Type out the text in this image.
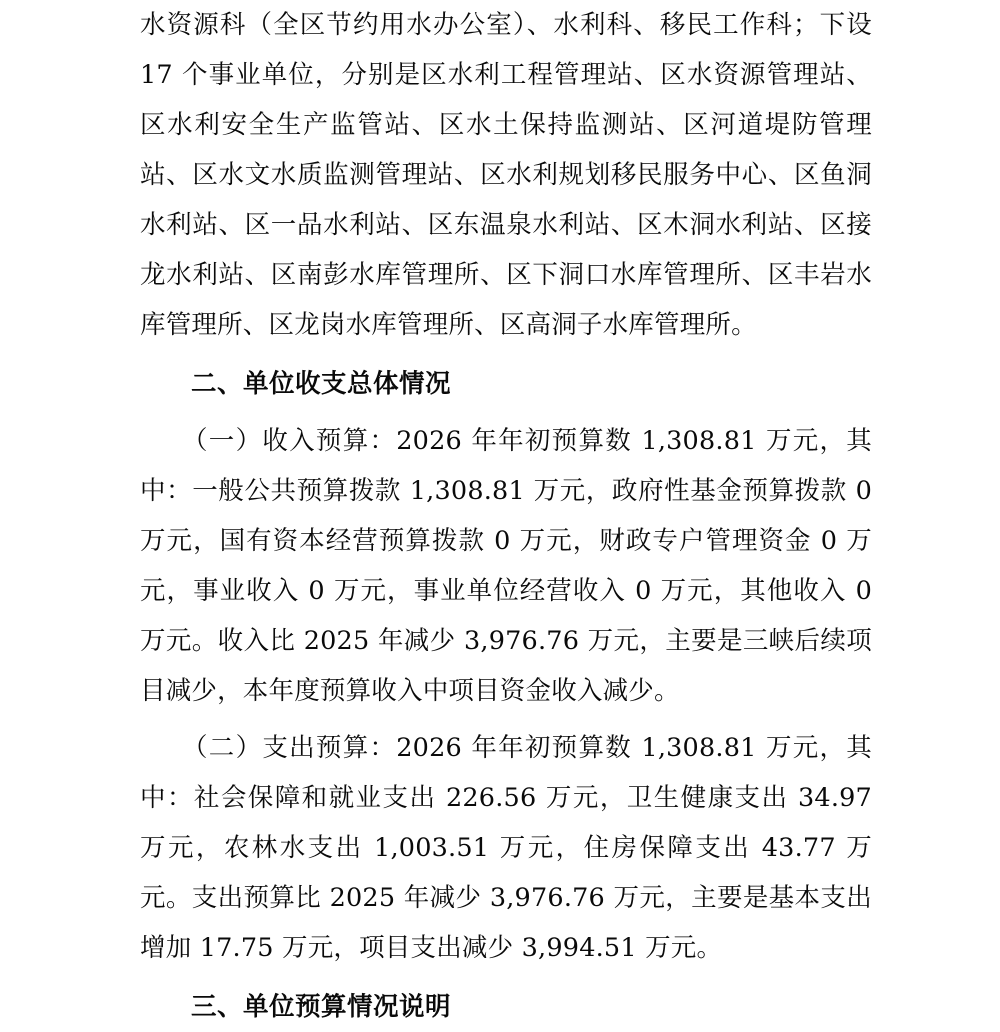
水资源科（全区节约用水办公室）、水利科、移民工作科；下设 17 个事业单位，分别是区水利工程管理站、区水资源管理站、区水利安全生产监管站、区水土保持监测站、区河道堤防管理站、区水文水质监测管理站、区水利规划移民服务中心、区鱼洞水利站、区一品水利站、区东温泉水利站、区木洞水利站、区接龙水利站、区南彭水库管理所、区下洞口水库管理所、区丰岩水库管理所、区龙岗水库管理所、区高洞子水库管理所。

二、单位收支总体情况

（一）收入预算：2026 年年初预算数 1,308.81 万元，其中：一般公共预算拨款 1,308.81 万元，政府性基金预算拨款 0 万元，国有资本经营预算拨款 0 万元，财政专户管理资金 0 万元，事业收入 0 万元，事业单位经营收入 0 万元，其他收入 0 万元。收入比 2025 年减少 3,976.76 万元，主要是三峡后续项目减少，本年度预算收入中项目资金收入减少。

（二）支出预算：2026 年年初预算数 1,308.81 万元，其中：社会保障和就业支出 226.56 万元，卫生健康支出 34.97 万元，农林水支出 1,003.51 万元，住房保障支出 43.77 万元。支出预算比 2025 年减少 3,976.76 万元，主要是基本支出增加 17.75 万元，项目支出减少 3,994.51 万元。

三、单位预算情况说明
